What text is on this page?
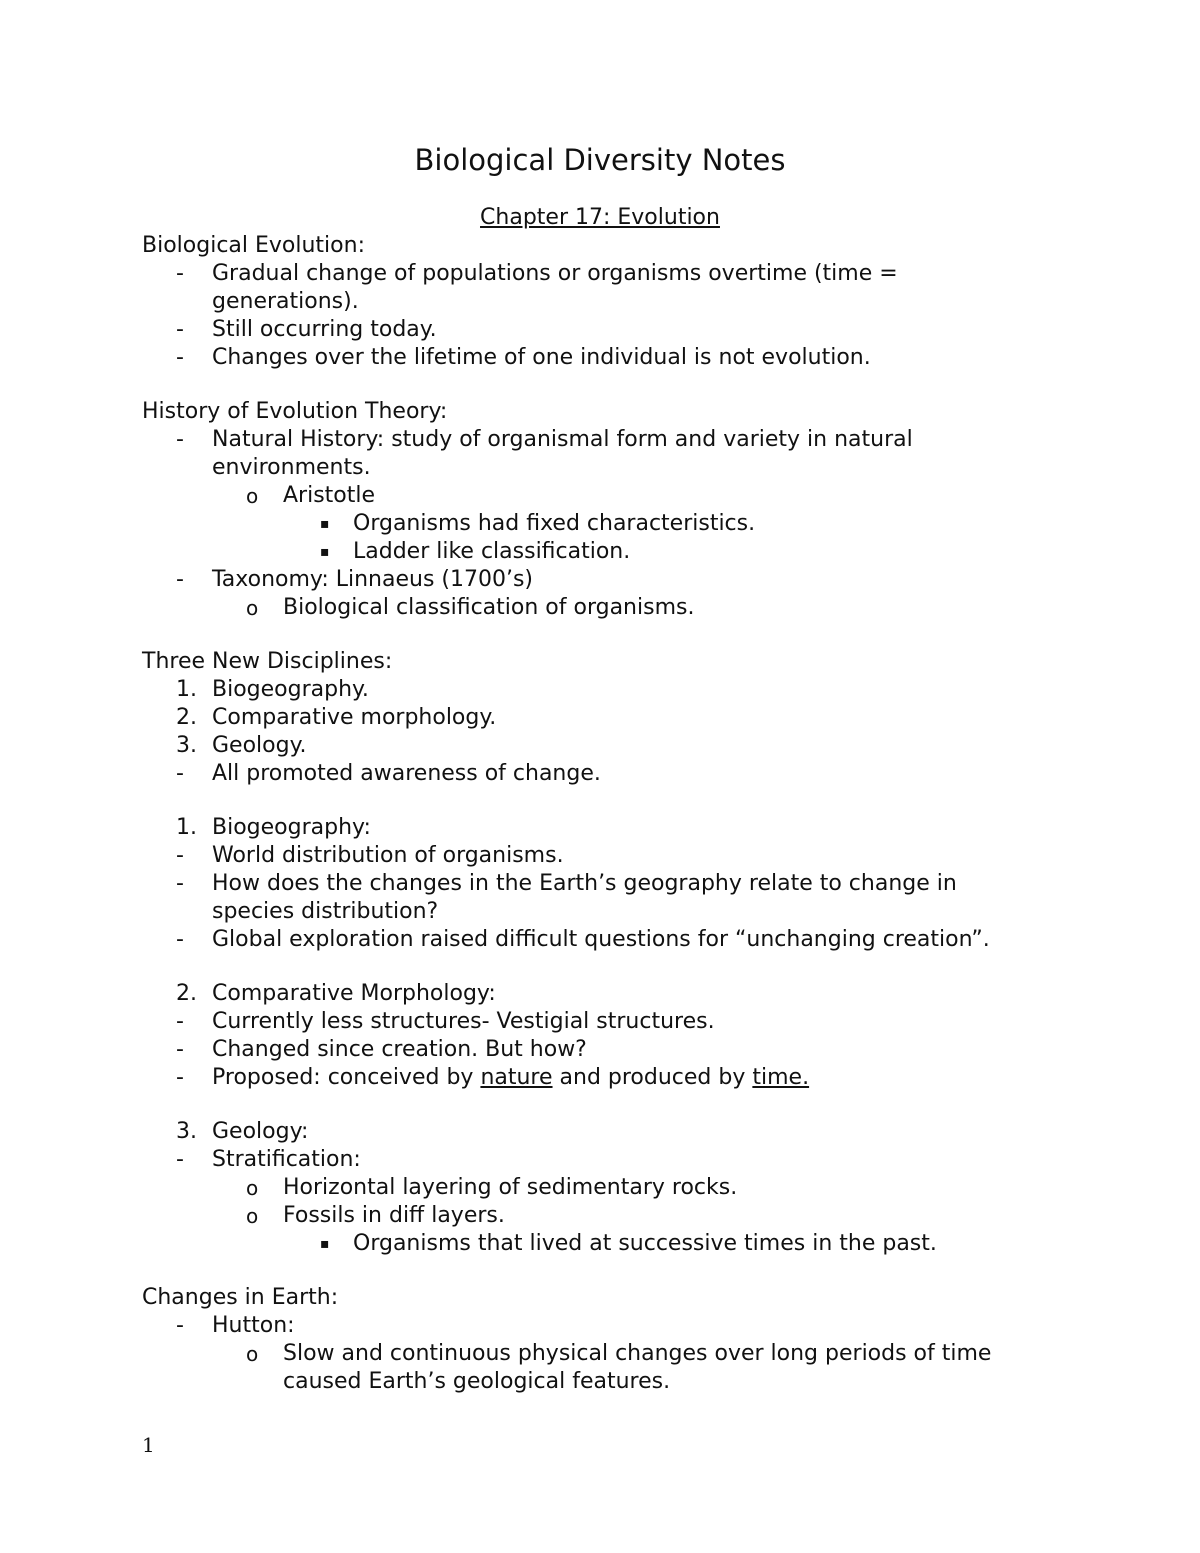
Biological Diversity Notes
Chapter 17: Evolution
Biological Evolution:
- Gradual change of populations or organisms overtime (time =
generations).
- Still occurring today.
- Changes over the lifetime of one individual is not evolution.
History of Evolution Theory:
- Natural History: study of organismal form and variety in natural
environments.
o Aristotle
▪ Organisms had fixed characteristics.
▪ Ladder like classification.
- Taxonomy: Linnaeus (1700’s)
o Biological classification of organisms.
Three New Disciplines:
1. Biogeography.
2. Comparative morphology.
3. Geology.
- All promoted awareness of change.
1. Biogeography:
- World distribution of organisms.
- How does the changes in the Earth’s geography relate to change in
species distribution?
- Global exploration raised difficult questions for “unchanging creation”.
2. Comparative Morphology:
- Currently less structures- Vestigial structures.
- Changed since creation. But how?
- Proposed: conceived by nature and produced by time.
3. Geology:
- Stratification:
o Horizontal layering of sedimentary rocks.
o Fossils in diff layers.
▪ Organisms that lived at successive times in the past.
Changes in Earth:
- Hutton:
o Slow and continuous physical changes over long periods of time
caused Earth’s geological features.
1
